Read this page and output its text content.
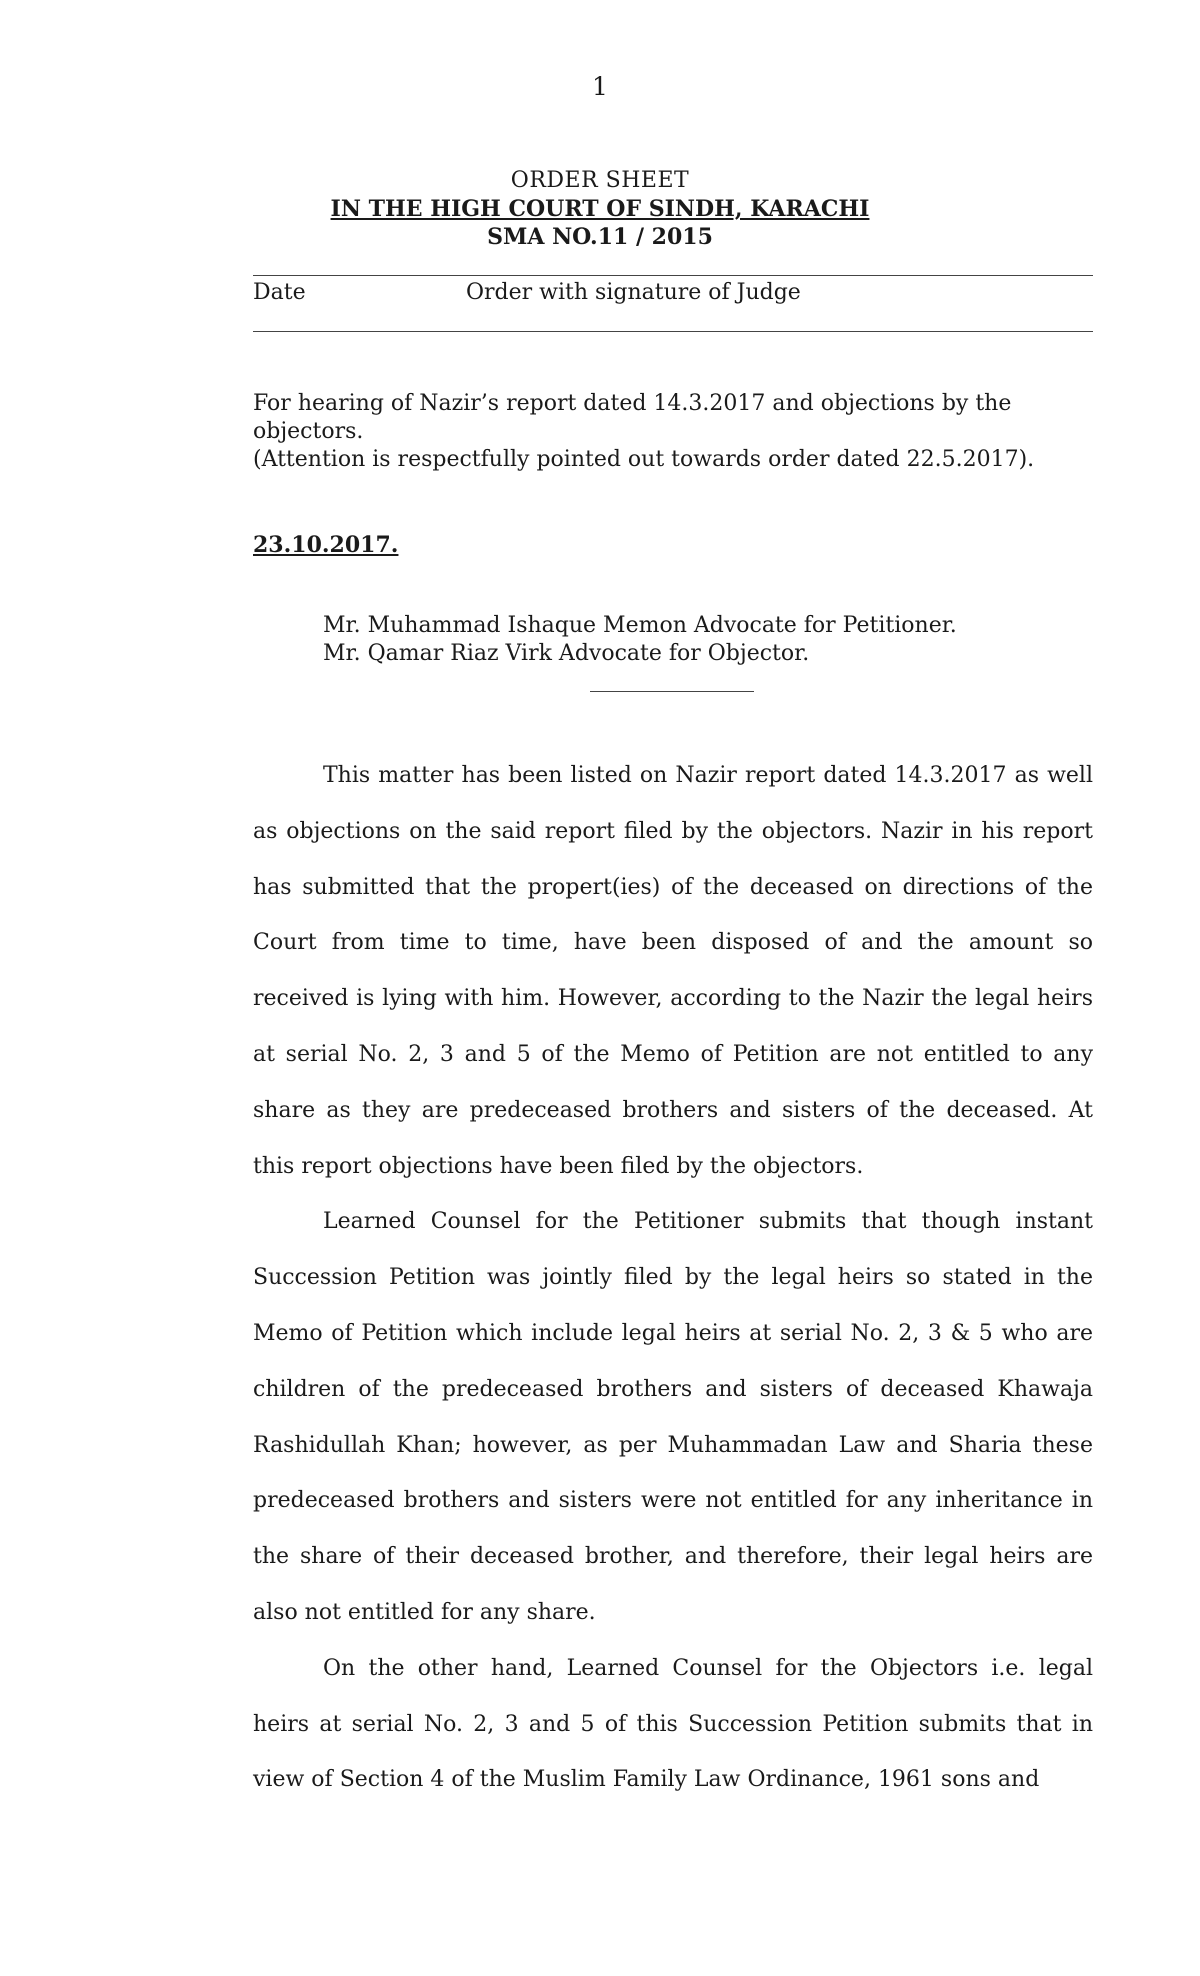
1
ORDER SHEET
IN THE HIGH COURT OF SINDH, KARACHI
SMA NO.11 / 2015
Date	Order with signature of Judge

For hearing of Nazir’s report dated 14.3.2017 and objections by the objectors.

(Attention is respectfully pointed out towards order dated 22.5.2017).

23.10.2017.
Mr. Muhammad Ishaque Memon Advocate for Petitioner.
Mr. Qamar Riaz Virk Advocate for Objector.

This matter has been listed on Nazir report dated 14.3.2017 as well as objections on the said report filed by the objectors. Nazir in his report has submitted that the propert(ies) of the deceased on directions of the Court from time to time, have been disposed of and the amount so received is lying with him. However, according to the Nazir the legal heirs at serial No. 2, 3 and 5 of the Memo of Petition are not entitled to any share as they are predeceased brothers and sisters of the deceased. At this report objections have been filed by the objectors.

Learned Counsel for the Petitioner submits that though instant Succession Petition was jointly filed by the legal heirs so stated in the Memo of Petition which include legal heirs at serial No. 2, 3 & 5 who are children of the predeceased brothers and sisters of deceased Khawaja Rashidullah Khan; however, as per Muhammadan Law and Sharia these predeceased brothers and sisters were not entitled for any inheritance in the share of their deceased brother, and therefore, their legal heirs are also not entitled for any share.

On the other hand, Learned Counsel for the Objectors i.e. legal heirs at serial No. 2, 3 and 5 of this Succession Petition submits that in view of Section 4 of the Muslim Family Law Ordinance, 1961 sons and
